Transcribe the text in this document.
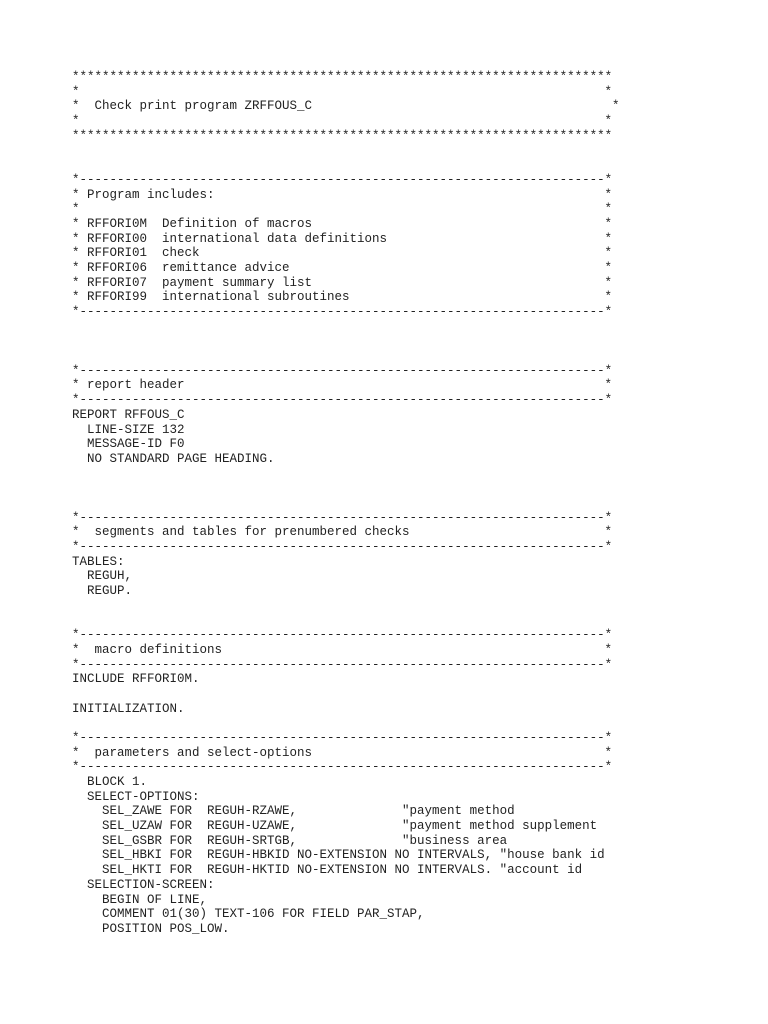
************************************************************************
*	*
*  Check print program ZRFFOUS_C	*
*	*
************************************************************************
*----------------------------------------------------------------------*
* Program includes:	*
*	*
* RFFORI0M  Definition of macros	*
* RFFORI00  international data definitions	*
* RFFORI01  check	*
* RFFORI06  remittance advice	*
* RFFORI07  payment summary list	*
* RFFORI99  international subroutines	*
*----------------------------------------------------------------------*
*----------------------------------------------------------------------*
* report header	*
*----------------------------------------------------------------------*
REPORT RFFOUS_C
LINE-SIZE 132
MESSAGE-ID F0
NO STANDARD PAGE HEADING.
*----------------------------------------------------------------------*
*  segments and tables for prenumbered checks	*
*----------------------------------------------------------------------*
TABLES:
REGUH,
REGUP.
*----------------------------------------------------------------------*
*  macro definitions	*
*----------------------------------------------------------------------*
INCLUDE RFFORI0M.
INITIALIZATION.
*----------------------------------------------------------------------*
*  parameters and select-options	*
*----------------------------------------------------------------------*
BLOCK 1.
SELECT-OPTIONS:
SEL_ZAWE FOR  REGUH-RZAWE,              "payment method
SEL_UZAW FOR  REGUH-UZAWE,              "payment method supplement
SEL_GSBR FOR  REGUH-SRTGB,              "business area
SEL_HBKI FOR  REGUH-HBKID NO-EXTENSION NO INTERVALS, "house bank id
SEL_HKTI FOR  REGUH-HKTID NO-EXTENSION NO INTERVALS. "account id
SELECTION-SCREEN:
BEGIN OF LINE,
COMMENT 01(30) TEXT-106 FOR FIELD PAR_STAP,
POSITION POS_LOW.
